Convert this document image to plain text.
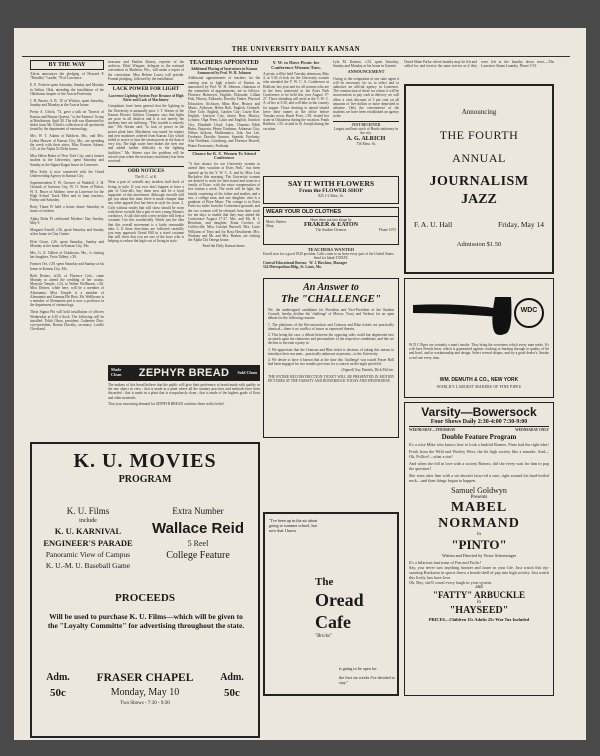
THE UNIVERSITY DAILY KANSAN
BY THE WAY

Alecia announces the pledging of Howard P. "Brindley" Laudie, '78 of Lawrence.

E. E. Fodrein spent Saturday, Sunday and Monday in Salina, Okla. attending the installation of the Oklahoma chapter of the Acacia Fraternity.

J. H. Baxter, A. B. '10 of Wichita, spent Saturday, Sunday and Monday at the Acacia house.

Pretty A. Ulrich, '73, gave a talk on "Insects of Kansas and Beauty Queens," to the Farmers' Group at Hutchinson, April 30. The talk was illustrated by slides from Mr. Ulrich's collection of all specimens found by the department of entomology.

Mrs. W. T. Adams of Baldwin, Mo., and Mrs. Lyleta Hawzer of Kansas City, Mo., are spending the week with their sister, Miss Frances Adams, c'21, at the Alpha Xi Delta house.

Miss Helen Baker of New York City, and a former student at the University, spent Saturday and Sunday at the Sigma Kappa house in Lawrence.

Miss Seely is now connected with the Oread Underwriting Agency in Kansas City.

Superintendent F. W. Greaves of Waddell, J. H. Chanick of Junction City, W. O. Steen of Beloit, W. A. Bruce of Abilene, were in Lawrence for the High School Track Meet and to hunt teachers, Friday and Saturday.

Betty Thane Pi held a house dance Saturday in honor of rushees.

Alpha Delta Pi celebrated Mothers' Day Sunday, May 9.

Margaret Farrell, c'26, spent Saturday and Sunday at her home in Clay Center.

Elsie Grant, c'26, spent Saturday, Sunday and Monday at her home in Kansas City, Mo.

Mrs. G. A. Talbert of Oskaloosa, Mo., is visiting her daughter, Vesta Talbert, c'29.

Frances Orr, c'29, spent Saturday and Sunday at his home in Kansas City, Mo.

Ruth Deiters, fa'26, of Florence Colo., came Monday to attend the wedding of her cousin, Marjorie Temple, c'24, to Walter Wellhouse, c'26. Miss Deiters, while here, will be a member of Alemannia. Miss Temple is a member of Alemannia and Gamma Phi Beta. Mr. Wellhouse is a member of Alemannia and is now a professor in the department of entomology.

Theta Sigma Phi will hold installation of officers Wednesday at 4:30 o'clock. The following will be installed: Edith Olsen, president; Catherine Dice, vice-president; Bonita Dorothy, secretary; Lucille Cleveland.

treasurer and Pauline Kinsey, reporter of the archives. Ethel Wiegner, delegate to the national convention in Madison, Wis., will make a report of the convention. Miss Helene Lowry will preside. Formal pledging, followed by the installation.
LACK POWER FOR LIGHT
Lawrence Lighting System Poor Because of High River and Lack of Machinery
Complaints have been general that the lighting in the University is unusually poor. J. T. Stirner of the Kansas Electric Utilities Company says that lights are poor in all districts and it is not merely the students here are suffering. "This trouble is entirely due," Mr. Stirner said, "to lack of power in the power plant here. Machinery was tuned for repairs and new machines ordered from Kansas City which failed to arrive so that the steam power at the dam is very low. The high water here makes the river rise and added further difficulty to the lighting facilities." Mr. Stirner says the problem will be solved soon when the necessary machinery has been received.
ODD NOTICES
The R. C. of K.
Wear a pair of overalls any tasteless bull duck of living in style. If you ever don't happen to have a pair of Univ-alls, buy them now and be a loyal supporter of this movement. Although overalls will get you about this time, there is much cheaper than any other apparel that has been in style for years. 2. Girls without smiles that will show should be worn with these overalls like a pair of new young Adams's corduroys. A silk shirt with a new necktie will help a costume. Use this wonderfully. Watch just the idea that this overall movement is a fairly reasonable idea. 3. If these directions are followed carefully you may approach Oread Hill in a sized costume that will show that you are one of the boys who is helping to reduce the high cost of living in style.
TEACHERS APPOINTED
Additional Placing of Instructors in Kansas Announced by Prof. W. H. Johnson
Additional appointments of teachers for the coming year to high schools of Kansas as announced by Prof. W. H. Johnson, chairman of the committee of appointments, are as follows: Florence Hofmeyer, English, Eldorado; Lillian Fish, History, Eldorado; Dorothy Tinker, Physical Education, Atchison; Mina Hise, History and Music, Atchison; Helen Bolt, English, Grinnell; Olive Cole, English, Garden City; Lizzie Roe, English, Junction City; Janice Barr, History, Lyndon; Olga Prem, Latin and English, Junction City; Elizabeth Lloyd, Latin, Chanute; Edith Bates, Emporia; Henry Eastburn, Arkansas City; Wilma Jackson, Mathematics, Iola; Ava Lee, Fredonia; Dorothy Sawner, Spanish, Fredonia; Alta Needham, Louisburg; and Florence Howell, Home Economics, Fredonia.
Chance for K. U. Women To Attend Conference
"A fine chance for our University women to attend their vacation at Estes Park," has been opened up by the Y. W. C. A. and by Miss Lois Buckalew this morning. The University women are desired to work for their board and room in a family of Estes, with the extra compensation of free tuition a week. The work will be light, the family consisting of the father and mother, and a son, a college man, and one daughter, who is a graduate of Bryn Mawr. The cottage is in Estes Park two miles from the Conference grounds, and the two women will be released from their work for ten days to enable that they may attend the Conference August 17-27. Mrs. and Mr. R. I. Beachner, and daughter, Erma Crocker, of Coffeyville, Miss Carolyn Burwell, Mrs. Lucie Williams of Tepo and Ira Rosa Hawthorne, Mrs. Warbury and Mr. and Mrs. Beahm, are visiting the Alpha Chi Omega house.
Read the Daily Kansan home.
Y. W. to Have Picnic for Conference Women Tues.
A picnic will be held Tuesday afternoon, May 4, at 5:30 o'clock for the University women who attended the Y. W. C. A. Conference at Hollister last year and for all women who are in the least interested in the Estes Park Conference to be held this year August 17-27. Those attending will meet at the Y. W. C. A. office at 5:30, and will hike to the country for supper. Those desiring to attend should leave their names at the office before Tuesday noon. Hazel Price, c'29, visited her sister in Oskaloosa during the vacation. Frank Baldwin, c'25, visited in St. Joseph during the vacation.
Lyla M. Kramer, c'23, spent Saturday, Sunday and Monday at his home in Garnett.
ANNOUNCEMENT
Owing to the resignation of our state agent it will be necessary for us to select and to authorize an official agency in Lawrence. The construction of these for whom it will be inconvenient to pay cash at delivery we will allow a cash discount of 5 per cent on all amounts of five dollars or more deposited in advance. Only the convenience of the students we have been established an agency at the
JUST RECEIVED
Largest and best stock of Hurds stationery in the city.
A. G. ALRICH
736 Mass. St.
Oread Shine Parlor where laundry may be left and called for, and receive the same service as if they were left at the laundry down town.—The Lawrence Steam Laundry. Phone 5-53.
SAY IT WITH FLOWERS
From the FLOWER SHOP
825 1-2 Mass. St.
WEAR YOUR OLD CLOTHES
Men's Barber Shop
Phone 1073
Have them put into shape by
FRAKER & EATON
The Student Cleaners
TEACHERS WANTED
Enroll now for a good 1920 position. Calls come to us from every part of the United States.
Send for blank TODAY.
Central Educational Bureau W. J. Hawkins, Manager
524 Metropolitan Bldg., St. Louis, Mo.
An Answer to
The "CHALLENGE"
We, the undersigned candidates for President and Vice-President of the Student Council, hereby decline the 'challenge' of Messrs. Tracy and Verbose for an open debate for the following reasons:

1. The platforms of the Reconstruction and Crimson and Blue tickets are practically identical—there is no conflict of issues as expressed therein.

2. This being the case, a debate between the opposing sides could but degenerate into an attack upon the characters and personalities of the respective candidates, and this we decline to become a party to.

3. We appreciate that the Crimson and Blue ticket is desirous of taking this means to introduce their star men—practically unknown at present—to the University.

4. We desire to have it known that at the time this 'challenge' was issued Fraser Hall had been engaged for two months previous for a concert on the night specified.

(Signed) Guy Daniels, Dick McGee.
THE ENTIRE RECONSTRUCTION TICKET WILL BE PRESENTED IN MOTION PICTURES AT THE VARSITY AND BOWERSOCK TODAY AND WEDNESDAY.
Made Clean	ZEPHYR BREAD Sold Clean
The makers of this bread believe that the public will give their preference to bread made with quality as the one object in view ; that is made in a plant where all the sanitary practices and methods have been discarded ; that is made in a plant that is scrupulously clean ; that is made of the highest grade of flour and other materials.
That your increasing demand for ZEPHYR BREAD confirms them in this belief.
K. U. MOVIES
PROGRAM
K. U. Films
include
K. U. KARNIVAL
ENGINEER'S PARADE
Panoramic View of Campus
K. U.-M. U. Baseball Game
Extra Number
Wallace Reid
5 Reel
College Feature
PROCEEDS
Will be used to purchase K. U. Films—which will be given to the "Loyalty Committe" for advertising throughout the state.
Adm.
50c
FRASER CHAPEL
Monday, May 10
Two Shows - 7:30 - 9:30
Adm.
50c
"I've been up in the air about going to summer school, but now that I know
The
Oread
Cafe
"Bricks"
is going to be open for
the first six weeks I've decided to stay."
Announcing
THE FOURTH
ANNUAL
JOURNALISM
JAZZ
F. A. U. Hall	Friday, May 14
Admission $1.50
WDC
W D C Pipes are certainly a man's smoke. They bring the sweetness which every man seeks. It's a de luxe French briar, which is guaranteed against cracking or burning through in quality of bit and bowl, and in workmanship and design. Select several shapes, and try a good dealer's. Smoke a real one every time.
WM. DEMUTH & CO., NEW YORK
WORLD'S LARGEST MAKERS OF FINE PIPES
Varsity—Bowersock
Four Shows Daily 2:30-4:00 7:30-9:00
WEDNESDAY—THURSDAY	WEDNESDAY ONLY
Double Feature Program
It's a wise Mike who knows how to look a bashful Romeo. Pinto had the right idea!
Fresh from the Wild and Wooley West, she hit high society like a tornado. And—Oh, Pollice!—what a riot!
And when she fell in love with a society Romeo, did she every wait for him to pop the question?
She went after him with a six-shooter lasso-ed a sure, right around his hard-boiled neck—and then things began to happen.
Samuel Goldwyn
Presents
MABEL
NORMAND
in
"PINTO"
Written and Directed by Victor Schertzinger
It's a hilarious hurricane of Fun and Frolic!
Say, you never saw anything funnier and faster in your life. Just watch this rip-snorting Buckaroo in sports throw a bomb-shell of pep into high society. Just watch this lively lass have love.
Oh, Boy, she'll corral every laugh in your system.
and
"FATTY" ARBUCKLE
in
"HAYSEED"
PRICES—Children 15c Adults 25c War Tax Included
